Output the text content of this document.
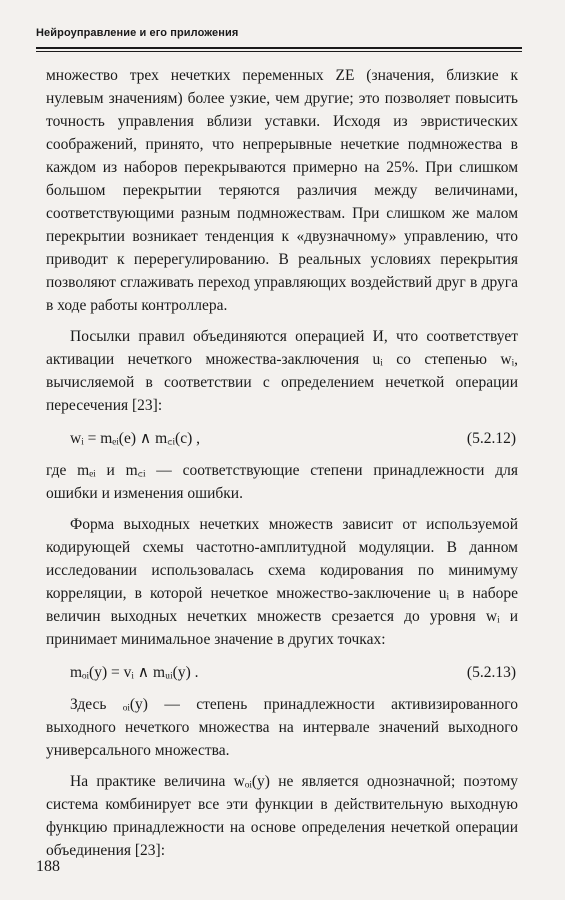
Нейроуправление и его приложения

множество трех нечетких переменных ZE (значения, близкие к нулевым значениям) более узкие, чем другие; это позволяет повысить точность управления вблизи уставки. Исходя из эвристических соображений, принято, что непрерывные нечеткие подмножества в каждом из наборов перекрываются примерно на 25%. При слишком большом перекрытии теряются различия между величинами, соответствующими разным подмножествам. При слишком же малом перекрытии возникает тенденция к «двузначному» управлению, что приводит к перерегулированию. В реальных условиях перекрытия позволяют сглаживать переход управляющих воздействий друг в друга в ходе работы контроллера.

Посылки правил объединяются операцией И, что соответствует активации нечеткого множества-заключения uᵢ со степенью wᵢ, вычисляемой в соответствии с определением нечеткой операции пересечения [23]:

wᵢ = mₑᵢ(e) ∧ m꜀ᵢ(c) ,	(5.2.12)

где mₑᵢ и m꜀ᵢ — соответствующие степени принадлежности для ошибки и изменения ошибки.

Форма выходных нечетких множеств зависит от используемой кодирующей схемы частотно-амплитудной модуляции. В данном исследовании использовалась схема кодирования по минимуму корреляции, в которой нечеткое множество-заключение uᵢ в наборе величин выходных нечетких множеств срезается до уровня wᵢ и принимает минимальное значение в других точках:

mₒᵢ(y) = vᵢ ∧ mᵤᵢ(y) .	(5.2.13)

Здесь ₒᵢ(y) — степень принадлежности активизированного выходного нечеткого множества на интервале значений выходного универсального множества.

На практике величина wₒᵢ(y) не является однозначной; поэтому система комбинирует все эти функции в действительную выходную функцию принадлежности на основе определения нечеткой операции объединения [23]:

188
